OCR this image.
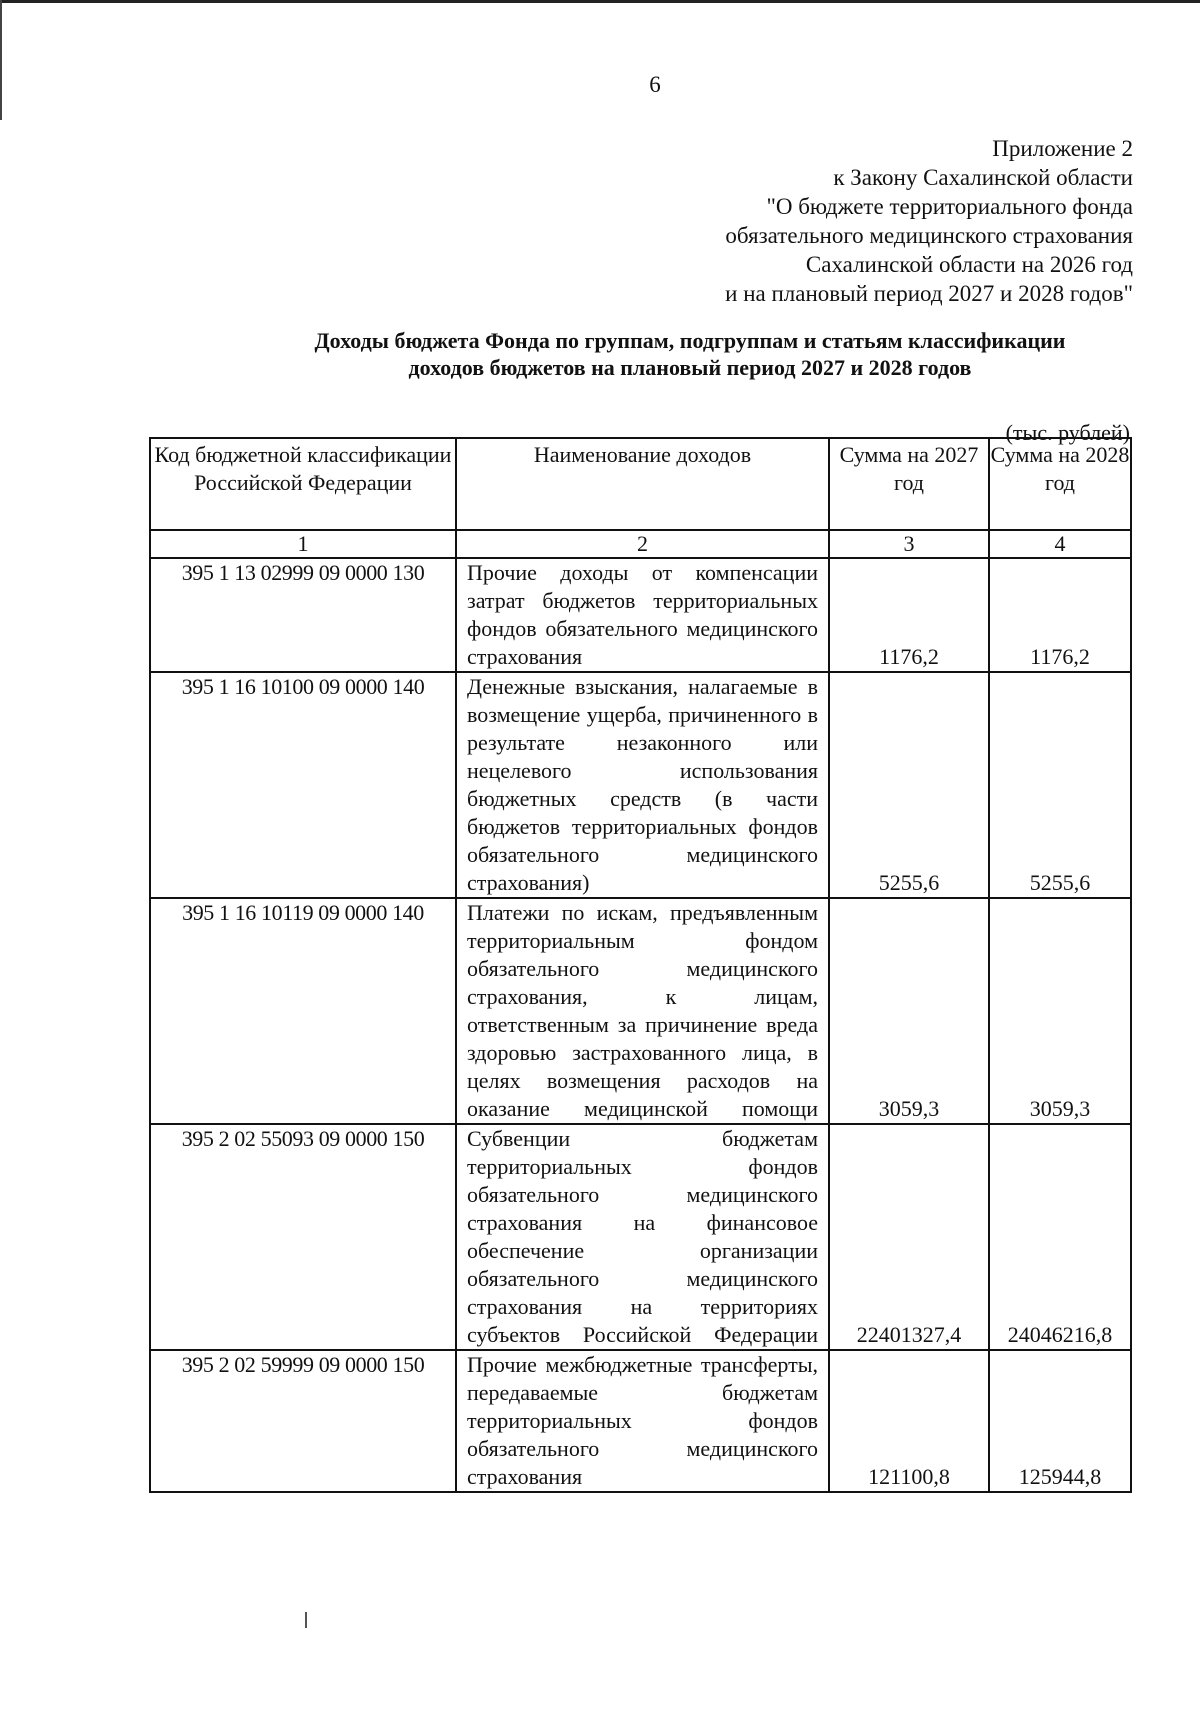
6
Приложение 2
к Закону Сахалинской области
"О бюджете территориального фонда
обязательного медицинского страхования
Сахалинской области на 2026 год
и на плановый период 2027 и 2028 годов"
Доходы бюджета Фонда по группам, подгруппам и статьям классификации
доходов бюджетов на плановый период 2027 и 2028 годов
(тыс. рублей)
Код бюджетной классификации Российской Федерации	Наименование доходов	Сумма на 2027 год	Сумма на 2028 год
1	2	3	4
395 1 13 02999 09 0000 130	Прочие доходы от компенсации затрат бюджетов территориальных фондов обязательного медицинского страхования	1176,2	1176,2
395 1 16 10100 09 0000 140	Денежные взыскания, налагаемые в возмещение ущерба, причиненного в результате незаконного или нецелевого использования бюджетных средств (в части бюджетов территориальных фондов обязательного медицинского страхования)	5255,6	5255,6
395 1 16 10119 09 0000 140	Платежи по искам, предъявленным территориальным фондом обязательного медицинского страхования, к лицам, ответственным за причинение вреда здоровью застрахованного лица, в целях возмещения расходов на оказание медицинской помощи	3059,3	3059,3
395 2 02 55093 09 0000 150	Субвенции бюджетам территориальных фондов обязательного медицинского страхования на финансовое обеспечение организации обязательного медицинского страхования на территориях субъектов Российской Федерации	22401327,4	24046216,8
395 2 02 59999 09 0000 150	Прочие межбюджетные трансферты, передаваемые бюджетам территориальных фондов обязательного медицинского страхования	121100,8	125944,8
